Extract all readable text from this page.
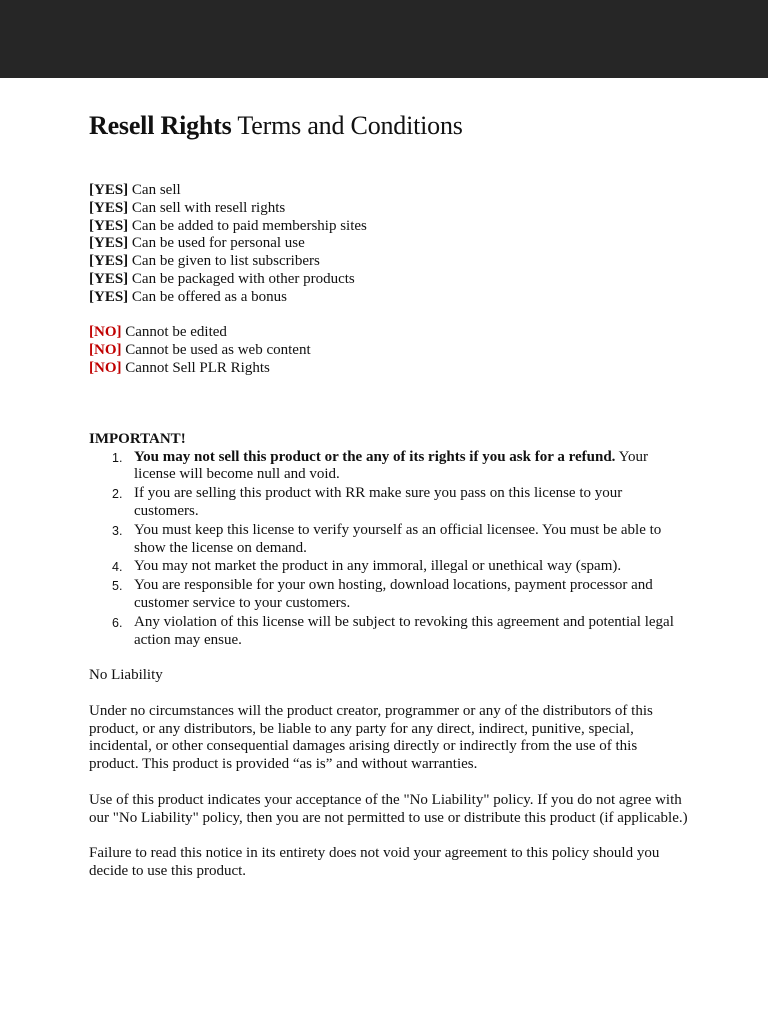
Resell Rights Terms and Conditions
[YES] Can sell
[YES] Can sell with resell rights
[YES] Can be added to paid membership sites
[YES] Can be used for personal use
[YES] Can be given to list subscribers
[YES] Can be packaged with other products
[YES] Can be offered as a bonus
[NO] Cannot be edited
[NO] Cannot be used as web content
[NO] Cannot Sell PLR Rights

IMPORTANT!

1. You may not sell this product or the any of its rights if you ask for a refund. Your license will become null and void.
2. If you are selling this product with RR make sure you pass on this license to your customers.
3. You must keep this license to verify yourself as an official licensee. You must be able to show the license on demand.
4. You may not market the product in any immoral, illegal or unethical way (spam).
5. You are responsible for your own hosting, download locations, payment processor and customer service to your customers.
6. Any violation of this license will be subject to revoking this agreement and potential legal action may ensue.

No Liability

Under no circumstances will the product creator, programmer or any of the distributors of this product, or any distributors, be liable to any party for any direct, indirect, punitive, special, incidental, or other consequential damages arising directly or indirectly from the use of this product. This product is provided “as is” and without warranties.

Use of this product indicates your acceptance of the "No Liability" policy. If you do not agree with our "No Liability" policy, then you are not permitted to use or distribute this product (if applicable.)

Failure to read this notice in its entirety does not void your agreement to this policy should you decide to use this product.
